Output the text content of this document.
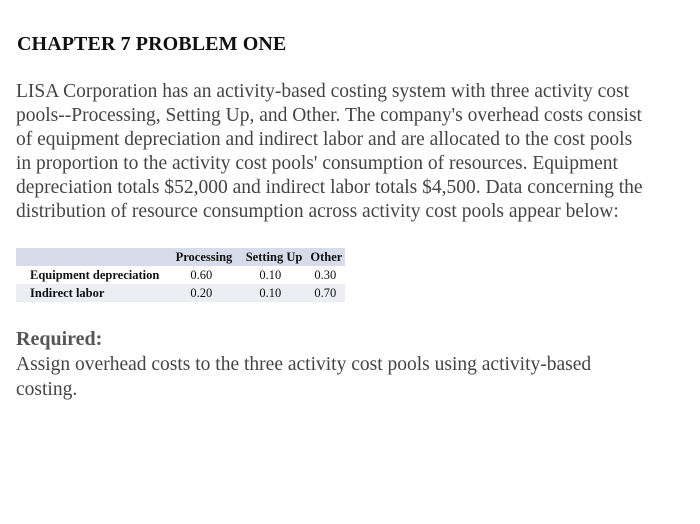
CHAPTER 7 PROBLEM ONE

LISA Corporation has an activity-based costing system with three activity cost
pools--Processing, Setting Up, and Other. The company's overhead costs consist
of equipment depreciation and indirect labor and are allocated to the cost pools
in proportion to the activity cost pools' consumption of resources. Equipment
depreciation totals $52,000 and indirect labor totals $4,500. Data concerning the
distribution of resource consumption across activity cost pools appear below:

	Processing	Setting Up	Other
Equipment depreciation	0.60	0.10	0.30
Indirect labor	0.20	0.10	0.70
Required:

Assign overhead costs to the three activity cost pools using activity-based
costing.
